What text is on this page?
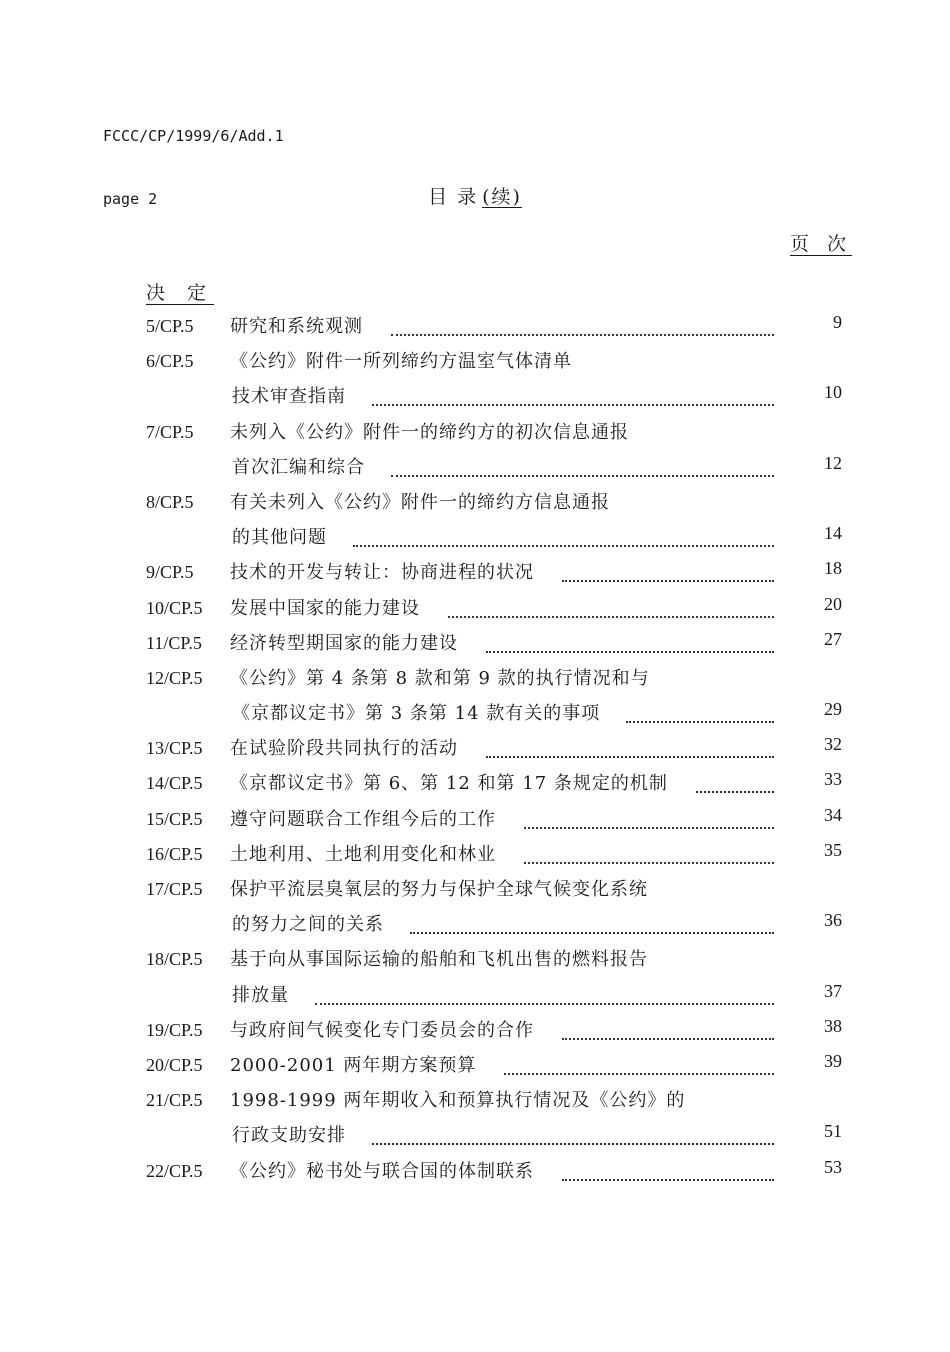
FCCC/CP/1999/6/Add.1

page 2	目 录 (续)
页 次
决 定
5/CP.5 研究和系统观测	9
6/CP.5 《公约》附件一所列缔约方温室气体清单
技术审查指南	10
7/CP.5 未列入《公约》附件一的缔约方的初次信息通报
首次汇编和综合	12
8/CP.5 有关未列入《公约》附件一的缔约方信息通报
的其他问题	14
9/CP.5 技术的开发与转让：协商进程的状况	18
10/CP.5 发展中国家的能力建设	20
11/CP.5 经济转型期国家的能力建设	27
12/CP.5 《公约》第 4 条第 8 款和第 9 款的执行情况和与
《京都议定书》第 3 条第 14 款有关的事项	29
13/CP.5 在试验阶段共同执行的活动	32
14/CP.5 《京都议定书》第 6、第 12 和第 17 条规定的机制	33
15/CP.5 遵守问题联合工作组今后的工作	34
16/CP.5 土地利用、土地利用变化和林业	35
17/CP.5 保护平流层臭氧层的努力与保护全球气候变化系统
的努力之间的关系	36
18/CP.5 基于向从事国际运输的船舶和飞机出售的燃料报告
排放量	37
19/CP.5 与政府间气候变化专门委员会的合作	38
20/CP.5 2000-2001 两年期方案预算	39
21/CP.5 1998-1999 两年期收入和预算执行情况及《公约》的
行政支助安排	51
22/CP.5 《公约》秘书处与联合国的体制联系	53
